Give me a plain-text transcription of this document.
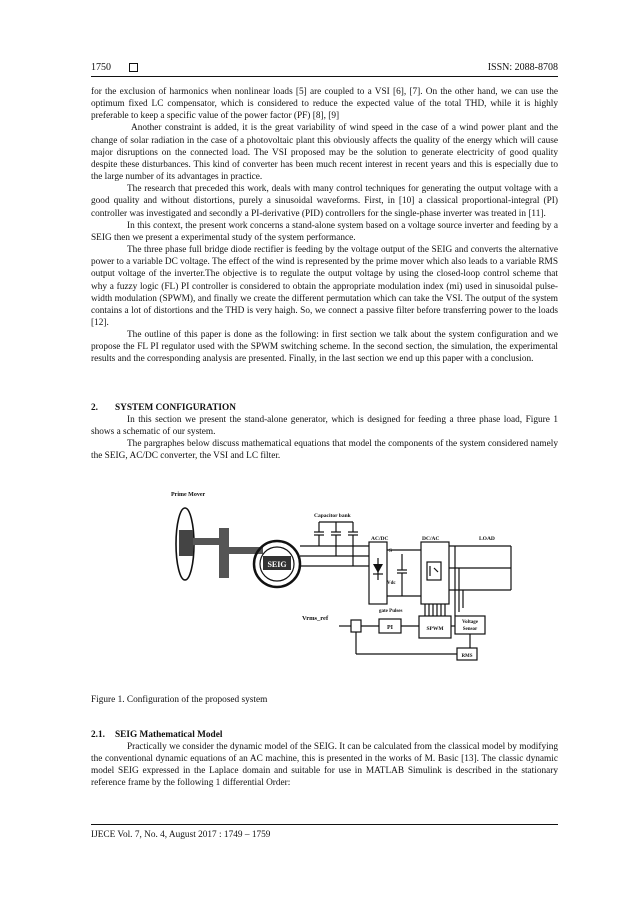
1750	ISSN: 2088-8708

for the exclusion of harmonics when nonlinear loads [5] are coupled to a VSI [6], [7]. On the other hand, we can use the optimum fixed LC compensator, which is considered to reduce the expected value of the total THD, while it is highly preferable to keep a specific value of the power factor (PF) [8], [9]

Another constraint is added, it is the great variability of wind speed in the case of a wind power plant and the change of solar radiation in the case of a photovoltaic plant this obviously affects the quality of the energy which will cause major disruptions on the connected load. The VSI proposed may be the solution to generate electricity of good quality despite these disturbances. This kind of converter has been much recent interest in recent years and this is especially due to the large number of its advantages in practice.

The research that preceded this work, deals with many control techniques for generating the output voltage with a good quality and without distortions, purely a sinusoidal waveforms. First, in [10] a classical proportional-integral (PI) controller was investigated and secondly a PI-derivative (PID) controllers for the single-phase inverter was treated in [11].

In this context, the present work concerns a stand-alone system based on a voltage source inverter and feeding by a SEIG then we present a experimental study of the system performance.

The three phase full bridge diode rectifier is feeding by the voltage output of the SEIG and converts the alternative power to a variable DC voltage. The effect of the wind is represented by the prime mover which also leads to a variable RMS output voltage of the inverter.The objective is to regulate the output voltage by using the closed-loop control scheme that why a fuzzy logic (FL) PI controller is considered to obtain the appropriate modulation index (mi) used in sinusoidal pulse-width modulation (SPWM), and finally we create the different permutation which can take the VSI. The output of the system contains a lot of distortions and the THD is very haigh. So, we connect a passive filter before transferring power to the loads [12].

The outline of this paper is done as the following: in first section we talk about the system configuration and we propose the FL PI regulator used with the SPWM switching scheme. In the second section, the simulation, the experimental results and the corresponding analysis are presented. Finally, in the last section we end up this paper with a conclusion.

2. SYSTEM CONFIGURATION

In this section we present the stand-alone generator, which is designed for feeding a three phase load, Figure 1 shows a schematic of our system.

The pargraphes below discuss mathematical equations that model the components of the system considered namely the SEIG, AC/DC converter, the VSI and LC filter.

Prime Mover
SEIG
Capacitor bank
AC/DC
S
Vdc
DC/AC	LOAD
gate Pulses
Vrms_ref
PI	SPWM
Voltage
Sensor
RMS

Figure 1. Configuration of the proposed system

2.1. SEIG Mathematical Model

Practically we consider the dynamic model of the SEIG. It can be calculated from the classical model by modifying the conventional dynamic equations of an AC machine, this is presented in the works of M. Basic [13]. The classic dynamic model SEIG expressed in the Laplace domain and suitable for use in MATLAB Simulink is described in the stationary reference frame by the following 1 differential Order:

IJECE Vol. 7, No. 4, August 2017 : 1749 – 1759
